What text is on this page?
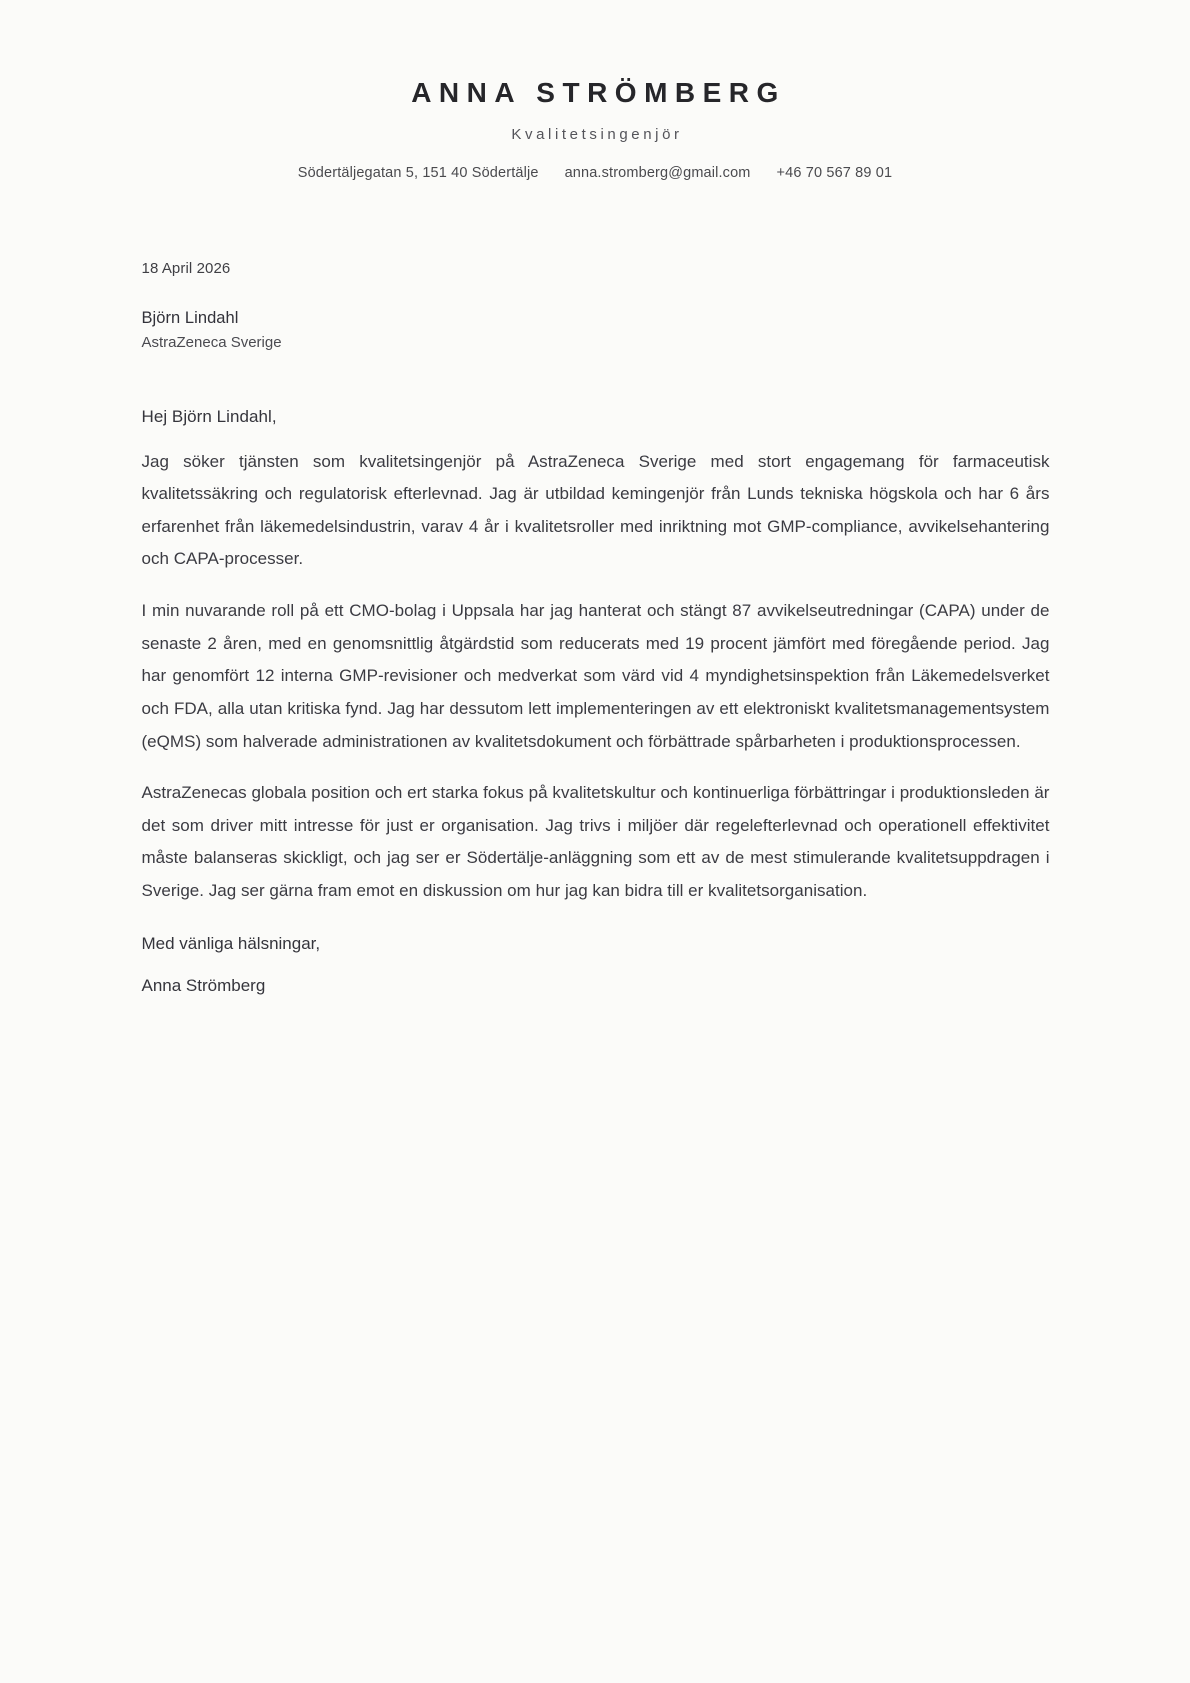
ANNA STRÖMBERG
Kvalitetsingenjör
Södertäljegatan 5, 151 40 Södertälje anna.stromberg@gmail.com +46 70 567 89 01
18 April 2026
Björn Lindahl
AstraZeneca Sverige
Hej Björn Lindahl,

Jag söker tjänsten som kvalitetsingenjör på AstraZeneca Sverige med stort engagemang för farmaceutisk kvalitetssäkring och regulatorisk efterlevnad. Jag är utbildad kemingenjör från Lunds tekniska högskola och har 6 års erfarenhet från läkemedelsindustrin, varav 4 år i kvalitetsroller med inriktning mot GMP-compliance, avvikelsehantering och CAPA-processer.

I min nuvarande roll på ett CMO-bolag i Uppsala har jag hanterat och stängt 87 avvikelseutredningar (CAPA) under de senaste 2 åren, med en genomsnittlig åtgärdstid som reducerats med 19 procent jämfört med föregående period. Jag har genomfört 12 interna GMP-revisioner och medverkat som värd vid 4 myndighetsinspektion från Läkemedelsverket och FDA, alla utan kritiska fynd. Jag har dessutom lett implementeringen av ett elektroniskt kvalitetsmanagementsystem (eQMS) som halverade administrationen av kvalitetsdokument och förbättrade spårbarheten i produktionsprocessen.

AstraZenecas globala position och ert starka fokus på kvalitetskultur och kontinuerliga förbättringar i produktionsleden är det som driver mitt intresse för just er organisation. Jag trivs i miljöer där regelefterlevnad och operationell effektivitet måste balanseras skickligt, och jag ser er Södertälje-anläggning som ett av de mest stimulerande kvalitetsuppdragen i Sverige. Jag ser gärna fram emot en diskussion om hur jag kan bidra till er kvalitetsorganisation.

Med vänliga hälsningar,
Anna Strömberg
